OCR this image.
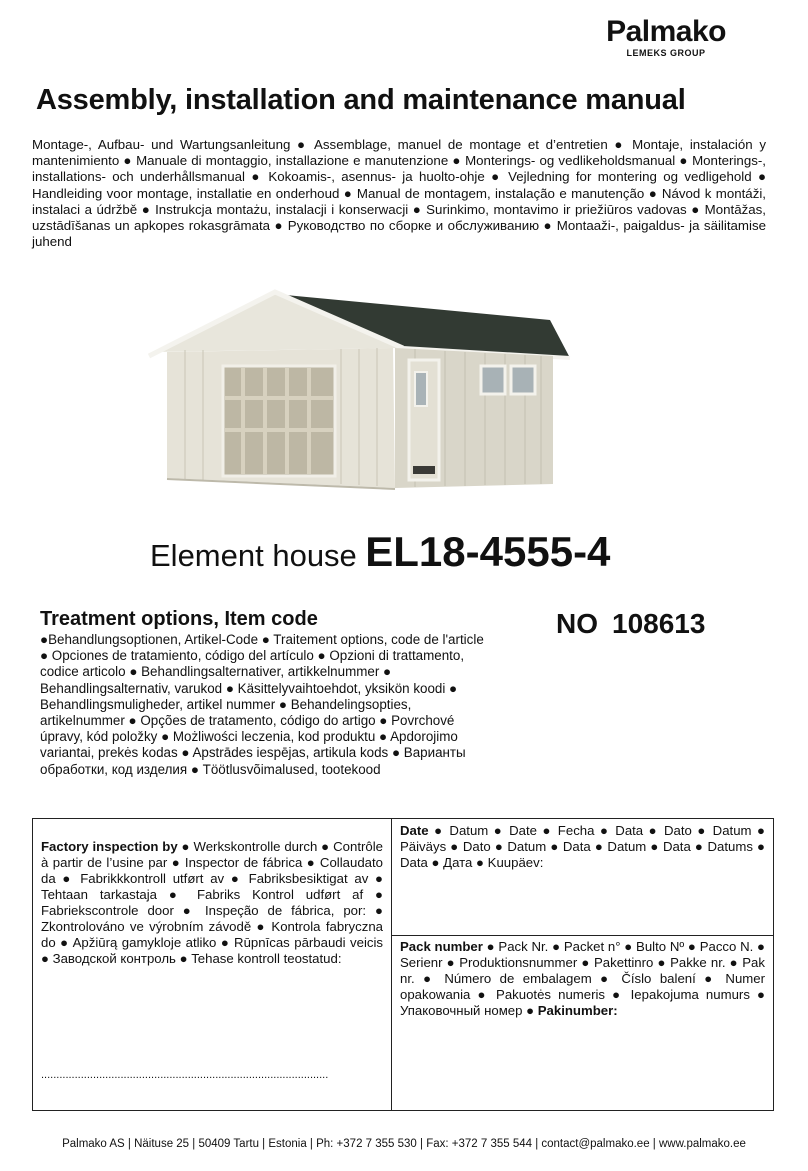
Palmako
LEMEKS GROUP
Assembly, installation and maintenance manual

Montage-, Aufbau- und Wartungsanleitung ● Assemblage, manuel de montage et d’entretien ● Montaje, instalación y mantenimiento ● Manuale di montaggio, installazione e manutenzione ● Monterings- og vedlikeholdsmanual ● Monterings-, installations- och underhållsmanual ● Kokoamis-, asennus- ja huolto-ohje ● Vejledning for montering og vedligehold ● Handleiding voor montage, installatie en onderhoud ● Manual de montagem, instalação e manutenção ● Návod k montáži, instalaci a údržbě ● Instrukcja montażu, instalacji i konserwacji ● Surinkimo, montavimo ir priežiūros vadovas ● Montāžas, uzstādīšanas un apkopes rokasgrāmata ● Руководство по сборке и обслуживанию ● Montaaži-, paigaldus- ja säilitamise juhend

Element house EL18-4555-4
Treatment options, Item code

●Behandlungsoptionen, Artikel-Code ● Traitement options, code de l'article ● Opciones de tratamiento, código del artículo ● Opzioni di trattamento, codice articolo ● Behandlingsalternativer, artikkelnummer ● Behandlingsalternativ, varukod ● Käsittelyvaihtoehdot, yksikön koodi ● Behandlingsmuligheder, artikel nummer ● Behandelingsopties, artikelnummer ● Opções de tratamento, código do artigo ● Povrchové úpravy, kód položky ● Możliwości leczenia, kod produktu ● Apdorojimo variantai, prekės kodas ● Apstrādes iespējas, artikula kods ● Варианты обработки, код изделия ● Töötlusvõimalused, tootekood

NO 108613

Factory inspection by ● Werkskontrolle durch ● Contrôle à partir de l’usine par ● Inspector de fábrica ● Collaudato da ● Fabrikkkontroll utført av ● Fabriksbesiktigat av ● Tehtaan tarkastaja ● Fabriks Kontrol udført af ● Fabriekscontrole door ● Inspeção de fábrica, por: ● Zkontrolováno ve výrobním závodě ● Kontrola fabryczna do ● Apžiūrą gamykloje atliko ● Rūpnīcas pārbaudi veicis ● Заводской контроль ● Tehase kontroll teostatud:

..............................................................................................

Date ● Datum ● Date ● Fecha ● Data ● Dato ● Datum ● Päiväys ● Dato ● Datum ● Data ● Datum ● Data ● Datums ● Data ● Дата ● Kuupäev:

Pack number ● Pack Nr. ● Packet n° ● Bulto Nº ● Pacco N. ● Serienr ● Produktionsnummer ● Pakettinro ● Pakke nr. ● Pak nr. ● Número de embalagem ● Číslo balení ● Numer opakowania ● Pakuotės numeris ● Iepakojuma numurs ● Упаковочный номер ● Pakinumber:

Palmako AS | Näituse 25 | 50409 Tartu | Estonia | Ph: +372 7 355 530 | Fax: +372 7 355 544 | contact@palmako.ee | www.palmako.ee
